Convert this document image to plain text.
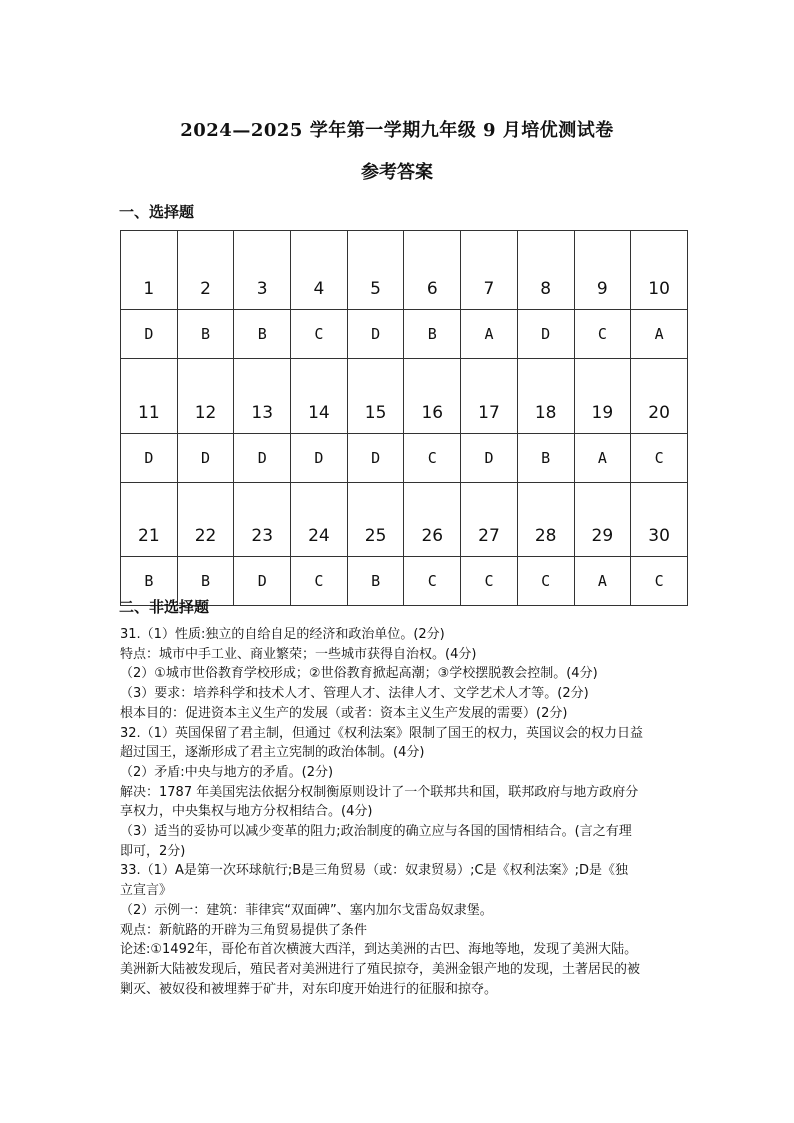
2024—2025 学年第一学期九年级 9 月培优测试卷
参考答案
一、选择题
1	2	3	4	5	6	7	8	9	10
D	B	B	C	D	B	A	D	C	A
11	12	13	14	15	16	17	18	19	20
D	D	D	D	D	C	D	B	A	C
21	22	23	24	25	26	27	28	29	30
B	B	D	C	B	C	C	C	A	C
二、非选择题

31.（1）性质:独立的自给自足的经济和政治单位。(2分)

特点：城市中手工业、商业繁荣；一些城市获得自治权。(4分)

（2）①城市世俗教育学校形成；②世俗教育掀起高潮；③学校摆脱教会控制。(4分)

（3）要求：培养科学和技术人才、管理人才、法律人才、文学艺术人才等。(2分)

根本目的：促进资本主义生产的发展（或者：资本主义生产发展的需要）(2分)

32.（1）英国保留了君主制，但通过《权利法案》限制了国王的权力，英国议会的权力日益

超过国王，逐渐形成了君主立宪制的政治体制。(4分)

（2）矛盾:中央与地方的矛盾。(2分)

解决：1787 年美国宪法依据分权制衡原则设计了一个联邦共和国，联邦政府与地方政府分

享权力，中央集权与地方分权相结合。(4分)

（3）适当的妥协可以减少变革的阻力;政治制度的确立应与各国的国情相结合。(言之有理

即可，2分)

33.（1）A是第一次环球航行;B是三角贸易（或：奴隶贸易）;C是《权利法案》;D是《独

立宣言》

（2）示例一：建筑：菲律宾“双面碑”、塞内加尔戈雷岛奴隶堡。

观点：新航路的开辟为三角贸易提供了条件

论述:①1492年，哥伦布首次横渡大西洋，到达美洲的古巴、海地等地，发现了美洲大陆。

美洲新大陆被发现后，殖民者对美洲进行了殖民掠夺，美洲金银产地的发现，土著居民的被

剿灭、被奴役和被埋葬于矿井，对东印度开始进行的征服和掠夺。
